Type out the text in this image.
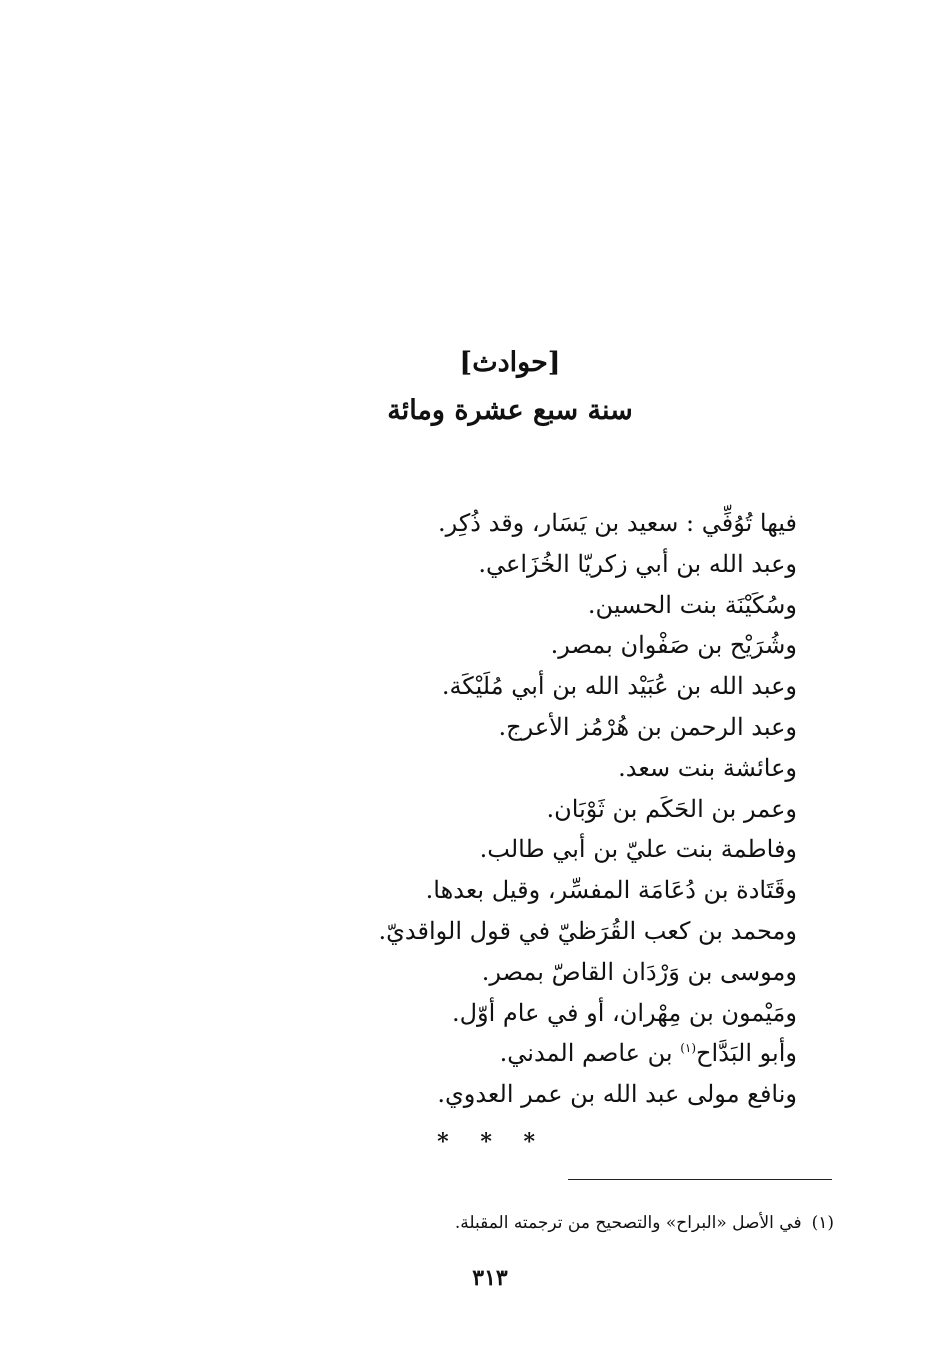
[حوادث]
سنة سبع عشرة ومائة
فيها تُوُفِّي : سعيد بن يَسَار، وقد ذُكِر.
وعبد الله بن أبي زكريّا الخُزَاعي.
وسُكَيْنَة بنت الحسين.
وشُرَيْح بن صَفْوان بمصر.
وعبد الله بن عُبَيْد الله بن أبي مُلَيْكَة.
وعبد الرحمن بن هُرْمُز الأعرج.
وعائشة بنت سعد.
وعمر بن الحَكَم بن ثَوْبَان.
وفاطمة بنت عليّ بن أبي طالب.
وقَتَادة بن دُعَامَة المفسِّر، وقيل بعدها.
ومحمد بن كعب القُرَظيّ في قول الواقديّ.
وموسى بن وَرْدَان القاصّ بمصر.
ومَيْمون بن مِهْران، أو في عام أوّل.
وأبو البَدَّاح$^{(١)}$ بن عاصم المدني.
ونافع مولى عبد الله بن عمر العدوي.
* * *
(١)في الأصل «البراح» والتصحيح من ترجمته المقبلة.
٣١٣
